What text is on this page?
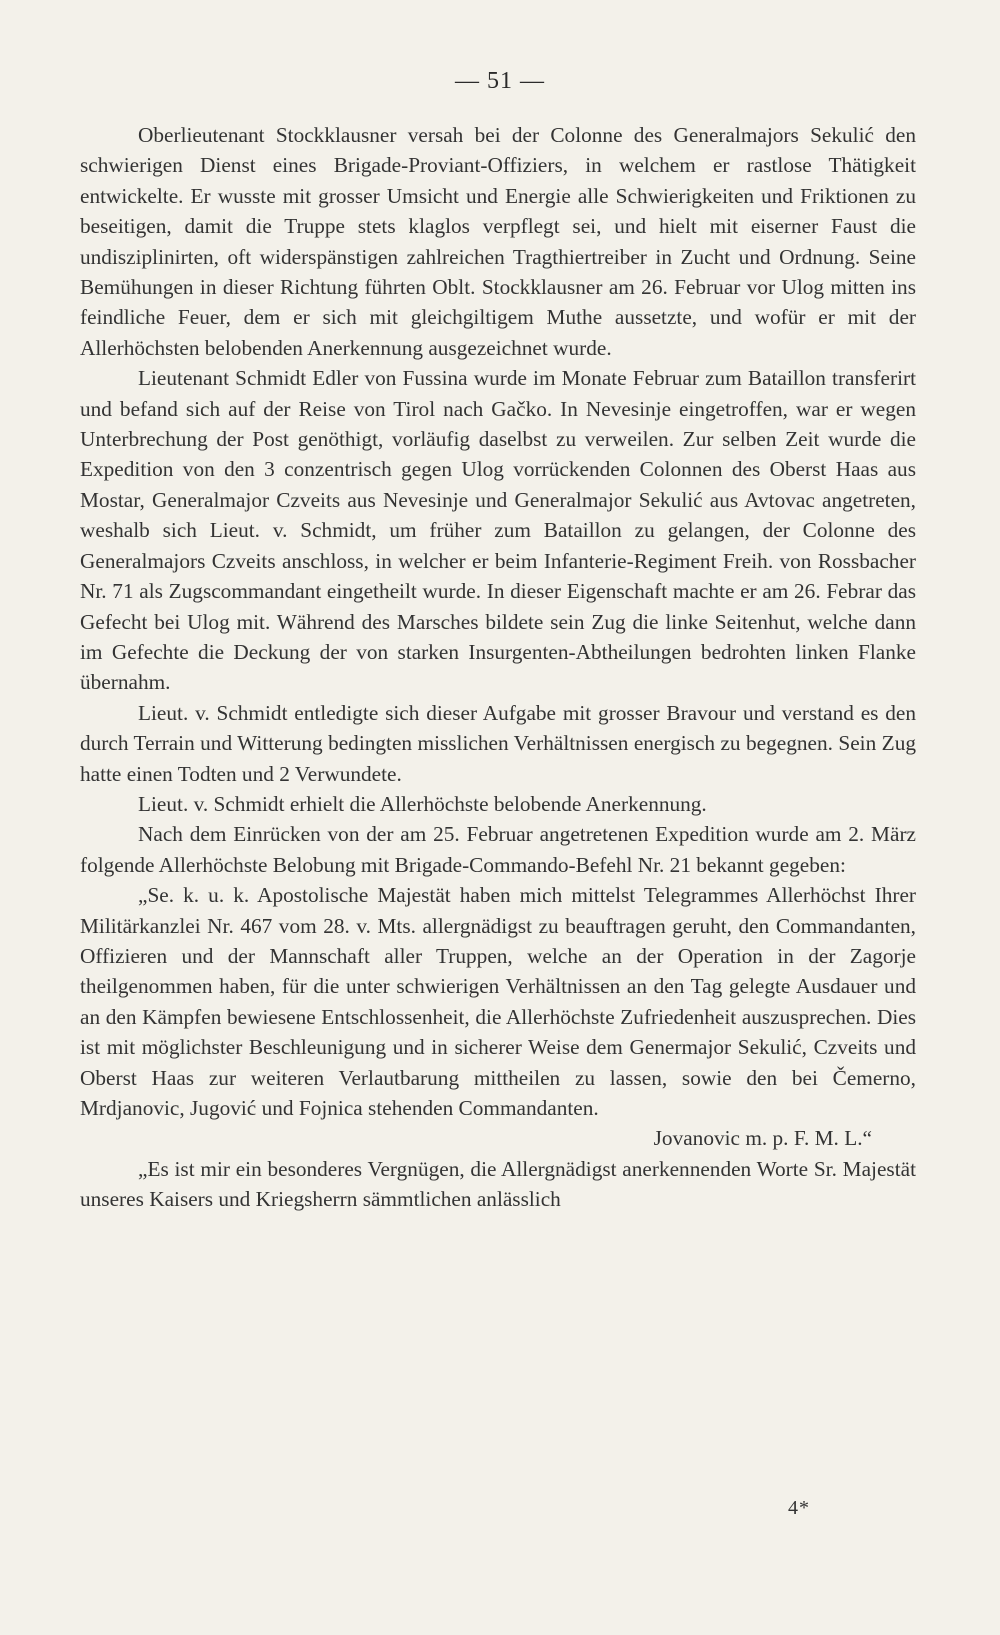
— 51 —

Oberlieutenant Stockklausner versah bei der Colonne des Generalmajors Sekulić den schwierigen Dienst eines Brigade-Proviant-Offiziers, in welchem er rastlose Thätigkeit entwickelte. Er wusste mit grosser Umsicht und Energie alle Schwierigkeiten und Friktionen zu beseitigen, damit die Truppe stets klaglos verpflegt sei, und hielt mit eiserner Faust die undisziplinirten, oft widerspänstigen zahlreichen Tragthiertreiber in Zucht und Ordnung. Seine Bemühungen in dieser Richtung führten Oblt. Stockklausner am 26. Februar vor Ulog mitten ins feindliche Feuer, dem er sich mit gleichgiltigem Muthe aussetzte, und wofür er mit der Allerhöchsten belobenden Anerkennung ausgezeichnet wurde.

Lieutenant Schmidt Edler von Fussina wurde im Monate Februar zum Bataillon transferirt und befand sich auf der Reise von Tirol nach Gačko. In Nevesinje eingetroffen, war er wegen Unterbrechung der Post genöthigt, vorläufig daselbst zu verweilen. Zur selben Zeit wurde die Expedition von den 3 conzentrisch gegen Ulog vorrückenden Colonnen des Oberst Haas aus Mostar, Generalmajor Czveits aus Nevesinje und Generalmajor Sekulić aus Avtovac angetreten, weshalb sich Lieut. v. Schmidt, um früher zum Bataillon zu gelangen, der Colonne des Generalmajors Czveits anschloss, in welcher er beim Infanterie-Regiment Freih. von Rossbacher Nr. 71 als Zugscommandant eingetheilt wurde. In dieser Eigenschaft machte er am 26. Febrar das Gefecht bei Ulog mit. Während des Marsches bildete sein Zug die linke Seitenhut, welche dann im Gefechte die Deckung der von starken Insurgenten-Abtheilungen bedrohten linken Flanke übernahm.

Lieut. v. Schmidt entledigte sich dieser Aufgabe mit grosser Bravour und verstand es den durch Terrain und Witterung bedingten misslichen Verhältnissen energisch zu begegnen. Sein Zug hatte einen Todten und 2 Verwundete.

Lieut. v. Schmidt erhielt die Allerhöchste belobende Anerkennung.

Nach dem Einrücken von der am 25. Februar angetretenen Expedition wurde am 2. März folgende Allerhöchste Belobung mit Brigade-Commando-Befehl Nr. 21 bekannt gegeben:

„Se. k. u. k. Apostolische Majestät haben mich mittelst Telegrammes Allerhöchst Ihrer Militärkanzlei Nr. 467 vom 28. v. Mts. allergnädigst zu beauftragen geruht, den Commandanten, Offizieren und der Mannschaft aller Truppen, welche an der Operation in der Zagorje theilgenommen haben, für die unter schwierigen Verhältnissen an den Tag gelegte Ausdauer und an den Kämpfen bewiesene Entschlossenheit, die Allerhöchste Zufriedenheit auszusprechen. Dies ist mit möglichster Beschleunigung und in sicherer Weise dem Genermajor Sekulić, Czveits und Oberst Haas zur weiteren Verlautbarung mittheilen zu lassen, sowie den bei Čemerno, Mrdjanovic, Jugović und Fojnica stehenden Commandanten.

Jovanovic m. p. F. M. L.“

„Es ist mir ein besonderes Vergnügen, die Allergnädigst anerkennenden Worte Sr. Majestät unseres Kaisers und Kriegsherrn sämmtlichen anlässlich

4*
